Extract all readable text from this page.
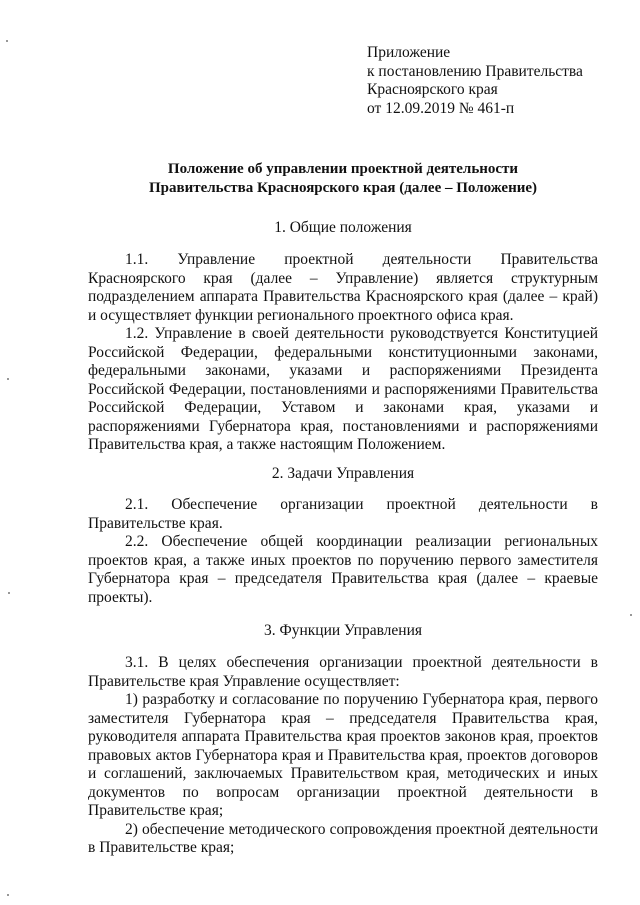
Приложение
к постановлению Правительства
Красноярского края
от 12.09.2019 № 461-п
Положение об управлении проектной деятельности
Правительства Красноярского края (далее – Положение)
1. Общие положения

1.1. Управление проектной деятельности Правительства Красноярского края (далее – Управление) является структурным подразделением аппарата Правительства Красноярского края (далее – край) и осуществляет функции регионального проектного офиса края.

1.2. Управление в своей деятельности руководствуется Конституцией Российской Федерации, федеральными конституционными законами, федеральными законами, указами и распоряжениями Президента Российской Федерации, постановлениями и распоряжениями Правительства Российской Федерации, Уставом и законами края, указами и распоряжениями Губернатора края, постановлениями и распоряжениями Правительства края, а также настоящим Положением.

2. Задачи Управления

2.1. Обеспечение организации проектной деятельности в Правительстве края.

2.2. Обеспечение общей координации реализации региональных проектов края, а также иных проектов по поручению первого заместителя Губернатора края – председателя Правительства края (далее – краевые проекты).

3. Функции Управления

3.1. В целях обеспечения организации проектной деятельности в Правительстве края Управление осуществляет:

1) разработку и согласование по поручению Губернатора края, первого заместителя Губернатора края – председателя Правительства края, руководителя аппарата Правительства края проектов законов края, проектов правовых актов Губернатора края и Правительства края, проектов договоров и соглашений, заключаемых Правительством края, методических и иных документов по вопросам организации проектной деятельности в Правительстве края;

2) обеспечение методического сопровождения проектной деятельности в Правительстве края;
